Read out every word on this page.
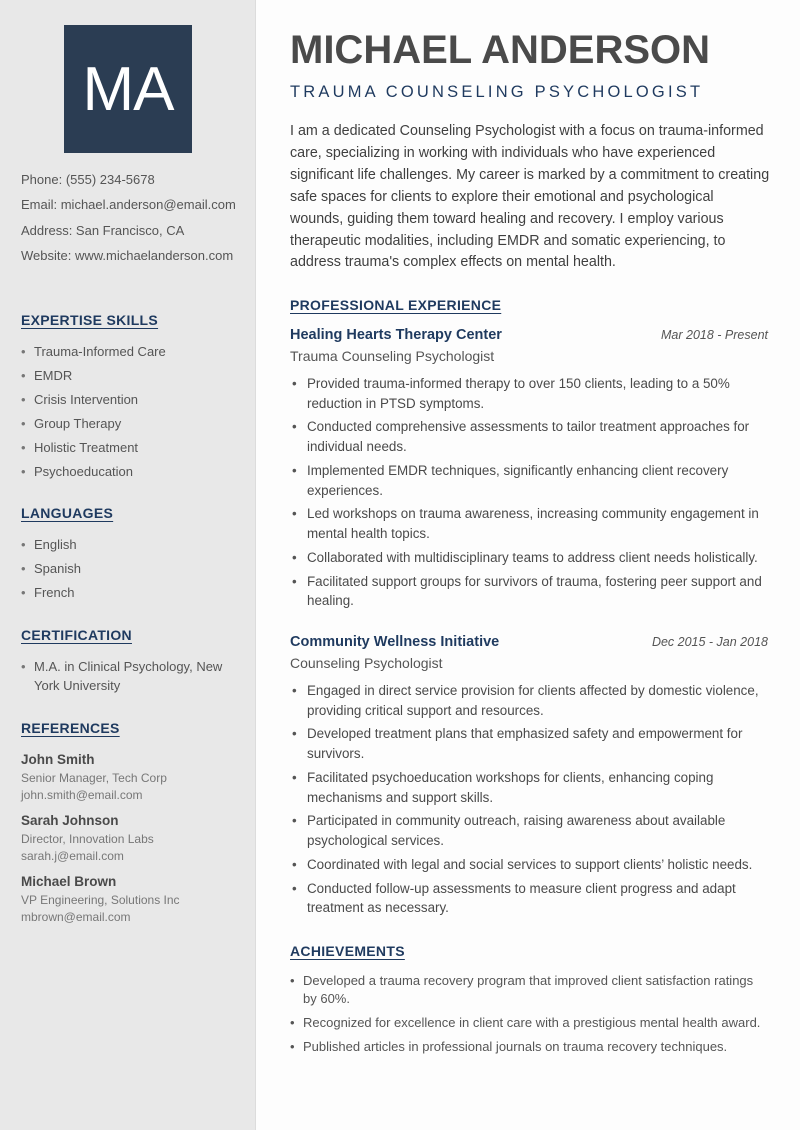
MA
Phone: (555) 234-5678
Email: michael.anderson@email.com
Address: San Francisco, CA
Website: www.michaelanderson.com
EXPERTISE SKILLS
• Trauma-Informed Care
• EMDR
• Crisis Intervention
• Group Therapy
• Holistic Treatment
• Psychoeducation
LANGUAGES
• English
• Spanish
• French
CERTIFICATION
• M.A. in Clinical Psychology, New York University
REFERENCES
John Smith
Senior Manager, Tech Corp
john.smith@email.com
Sarah Johnson
Director, Innovation Labs
sarah.j@email.com
Michael Brown
VP Engineering, Solutions Inc
mbrown@email.com
MICHAEL ANDERSON
TRAUMA COUNSELING PSYCHOLOGIST

I am a dedicated Counseling Psychologist with a focus on trauma-informed care, specializing in working with individuals who have experienced significant life challenges. My career is marked by a commitment to creating safe spaces for clients to explore their emotional and psychological wounds, guiding them toward healing and recovery. I employ various therapeutic modalities, including EMDR and somatic experiencing, to address trauma's complex effects on mental health.

PROFESSIONAL EXPERIENCE
Healing Hearts Therapy Center	Mar 2018 - Present
Trauma Counseling Psychologist
• Provided trauma-informed therapy to over 150 clients, leading to a 50% reduction in PTSD symptoms.
• Conducted comprehensive assessments to tailor treatment approaches for individual needs.
• Implemented EMDR techniques, significantly enhancing client recovery experiences.
• Led workshops on trauma awareness, increasing community engagement in mental health topics.
• Collaborated with multidisciplinary teams to address client needs holistically.
• Facilitated support groups for survivors of trauma, fostering peer support and healing.
Community Wellness Initiative	Dec 2015 - Jan 2018
Counseling Psychologist
• Engaged in direct service provision for clients affected by domestic violence, providing critical support and resources.
• Developed treatment plans that emphasized safety and empowerment for survivors.
• Facilitated psychoeducation workshops for clients, enhancing coping mechanisms and support skills.
• Participated in community outreach, raising awareness about available psychological services.
• Coordinated with legal and social services to support clients’ holistic needs.
• Conducted follow-up assessments to measure client progress and adapt treatment as necessary.
ACHIEVEMENTS
• Developed a trauma recovery program that improved client satisfaction ratings by 60%.
• Recognized for excellence in client care with a prestigious mental health award.
• Published articles in professional journals on trauma recovery techniques.
